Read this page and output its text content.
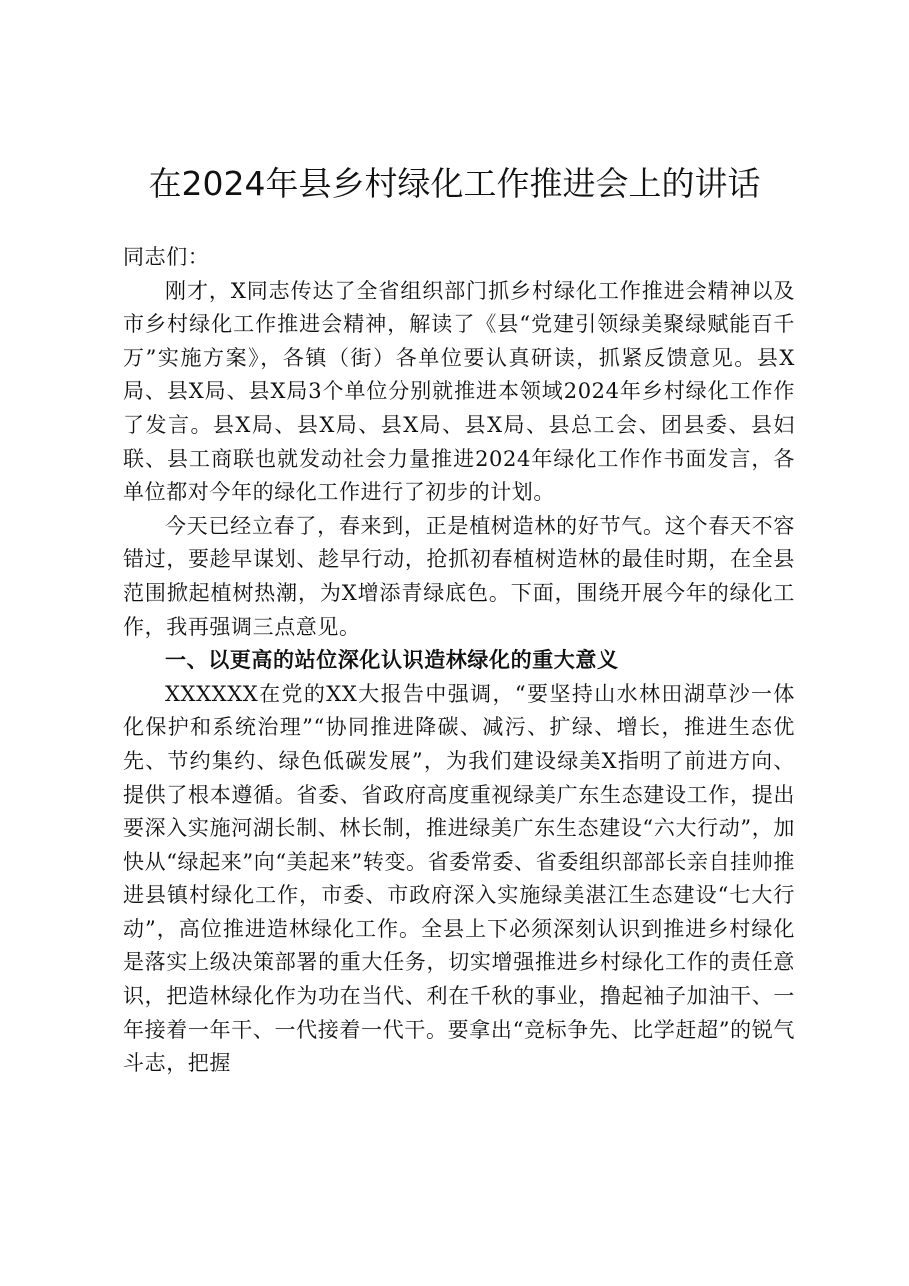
在2024年县乡村绿化工作推进会上的讲话

同志们：

刚才，X同志传达了全省组织部门抓乡村绿化工作推进会精神以及市乡村绿化工作推进会精神，解读了《县“党建引领绿美聚绿赋能百千万”实施方案》，各镇（街）各单位要认真研读，抓紧反馈意见。县X局、县X局、县X局3个单位分别就推进本领域2024年乡村绿化工作作了发言。县X局、县X局、县X局、县X局、县总工会、团县委、县妇联、县工商联也就发动社会力量推进2024年绿化工作作书面发言，各单位都对今年的绿化工作进行了初步的计划。

今天已经立春了，春来到，正是植树造林的好节气。这个春天不容错过，要趁早谋划、趁早行动，抢抓初春植树造林的最佳时期，在全县范围掀起植树热潮，为X增添青绿底色。下面，围绕开展今年的绿化工作，我再强调三点意见。

一、以更高的站位深化认识造林绿化的重大意义

XXXXXX在党的XX大报告中强调，“要坚持山水林田湖草沙一体化保护和系统治理”“协同推进降碳、减污、扩绿、增长，推进生态优先、节约集约、绿色低碳发展”，为我们建设绿美X指明了前进方向、提供了根本遵循。省委、省政府高度重视绿美广东生态建设工作，提出要深入实施河湖长制、林长制，推进绿美广东生态建设“六大行动”，加快从“绿起来”向“美起来”转变。省委常委、省委组织部部长亲自挂帅推进县镇村绿化工作，市委、市政府深入实施绿美湛江生态建设“七大行动”，高位推进造林绿化工作。全县上下必须深刻认识到推进乡村绿化是落实上级决策部署的重大任务，切实增强推进乡村绿化工作的责任意识，把造林绿化作为功在当代、利在千秋的事业，撸起袖子加油干、一年接着一年干、一代接着一代干。要拿出“竞标争先、比学赶超”的锐气斗志，把握
